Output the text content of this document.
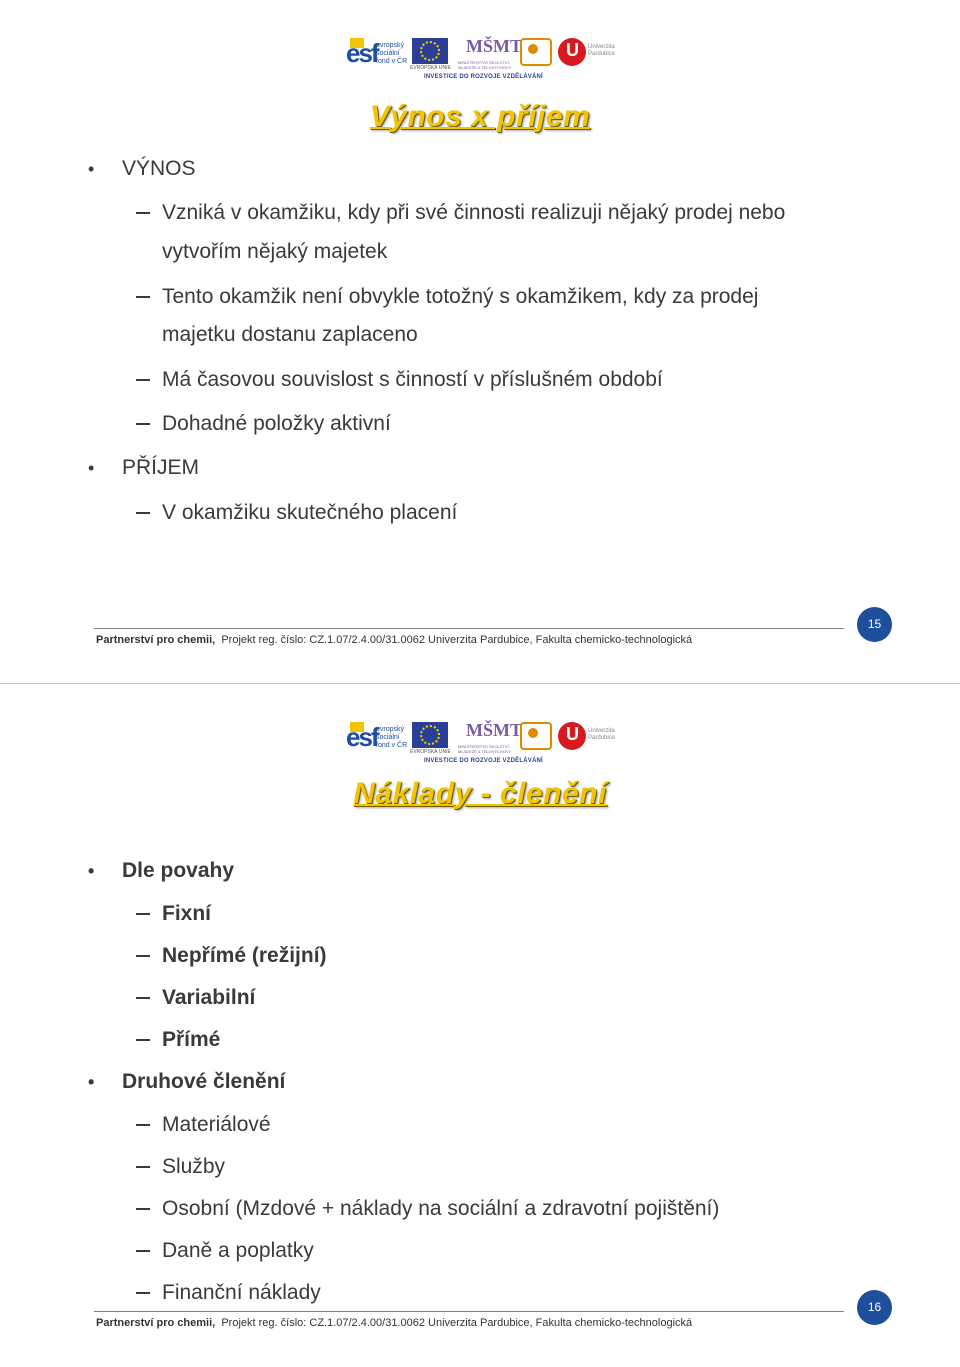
esf
evropský sociální fond v ČR
EVROPSKÁ UNIE
MŠMT
MINISTERSTVO ŠKOLSTVÍ, MLÁDEŽE A TĚLOVÝCHOVY
U Univerzita Pardubice
INVESTICE DO ROZVOJE VZDĚLÁVÁNÍ
Výnos x příjem
• VÝNOS
Vzniká v okamžiku, kdy při své činnosti realizuji nějaký prodej nebo
vytvořím nějaký majetek
Tento okamžik není obvykle totožný s okamžikem, kdy za prodej
majetku dostanu zaplaceno
Má časovou souvislost s činností v příslušném období
Dohadné položky aktivní
• PŘÍJEM
V okamžiku skutečného placení
Partnerství pro chemii, Projekt reg. číslo: CZ.1.07/2.4.00/31.0062 Univerzita Pardubice, Fakulta chemicko-technologická
15
esf
evropský sociální fond v ČR
EVROPSKÁ UNIE
MŠMT
MINISTERSTVO ŠKOLSTVÍ, MLÁDEŽE A TĚLOVÝCHOVY
U Univerzita Pardubice
INVESTICE DO ROZVOJE VZDĚLÁVÁNÍ
Náklady - členění
• Dle povahy
Fixní
Nepřímé (režijní)
Variabilní
Přímé
• Druhové členění
Materiálové
Služby
Osobní (Mzdové + náklady na sociální a zdravotní pojištění)
Daně a poplatky
Finanční náklady
Partnerství pro chemii, Projekt reg. číslo: CZ.1.07/2.4.00/31.0062 Univerzita Pardubice, Fakulta chemicko-technologická
16
